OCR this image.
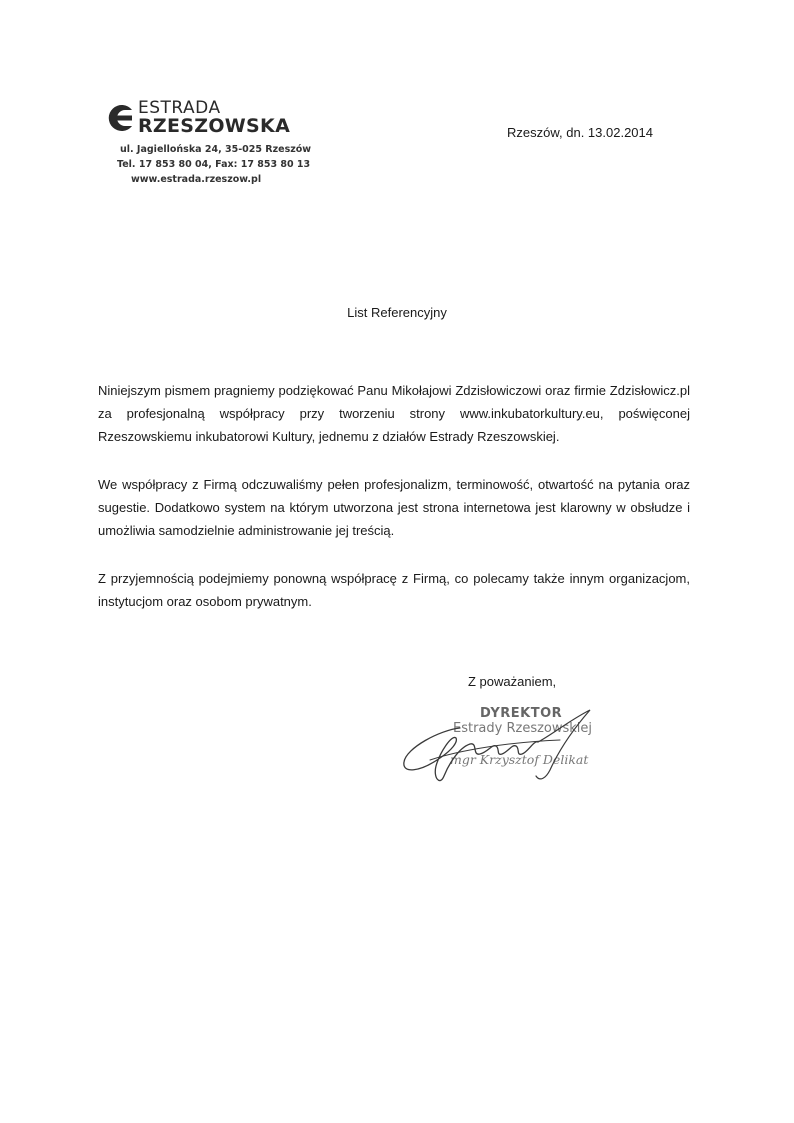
ESTRADA
RZESZOWSKA
ul. Jagiellońska 24, 35-025 Rzeszów
Tel. 17 853 80 04, Fax: 17 853 80 13
www.estrada.rzeszow.pl
Rzeszów, dn. 13.02.2014
List Referencyjny
Niniejszym pismem pragniemy podziękować Panu Mikołajowi Zdzisłowiczowi oraz firmie Zdzisłowicz.pl za profesjonalną współpracy przy tworzeniu strony www.inkubatorkultury.eu, poświęconej Rzeszowskiemu inkubatorowi Kultury, jednemu z działów Estrady Rzeszowskiej.
We współpracy z Firmą odczuwaliśmy pełen profesjonalizm, terminowość, otwartość na pytania oraz sugestie. Dodatkowo system na którym utworzona jest strona internetowa jest klarowny w obsłudze i umożliwia samodzielnie administrowanie jej treścią.
Z przyjemnością podejmiemy ponowną współpracę z Firmą, co polecamy także innym organizacjom, instytucjom oraz osobom prywatnym.
Z poważaniem,
DYREKTOR
Estrady Rzeszowskiej
mgr Krzysztof Delikat
